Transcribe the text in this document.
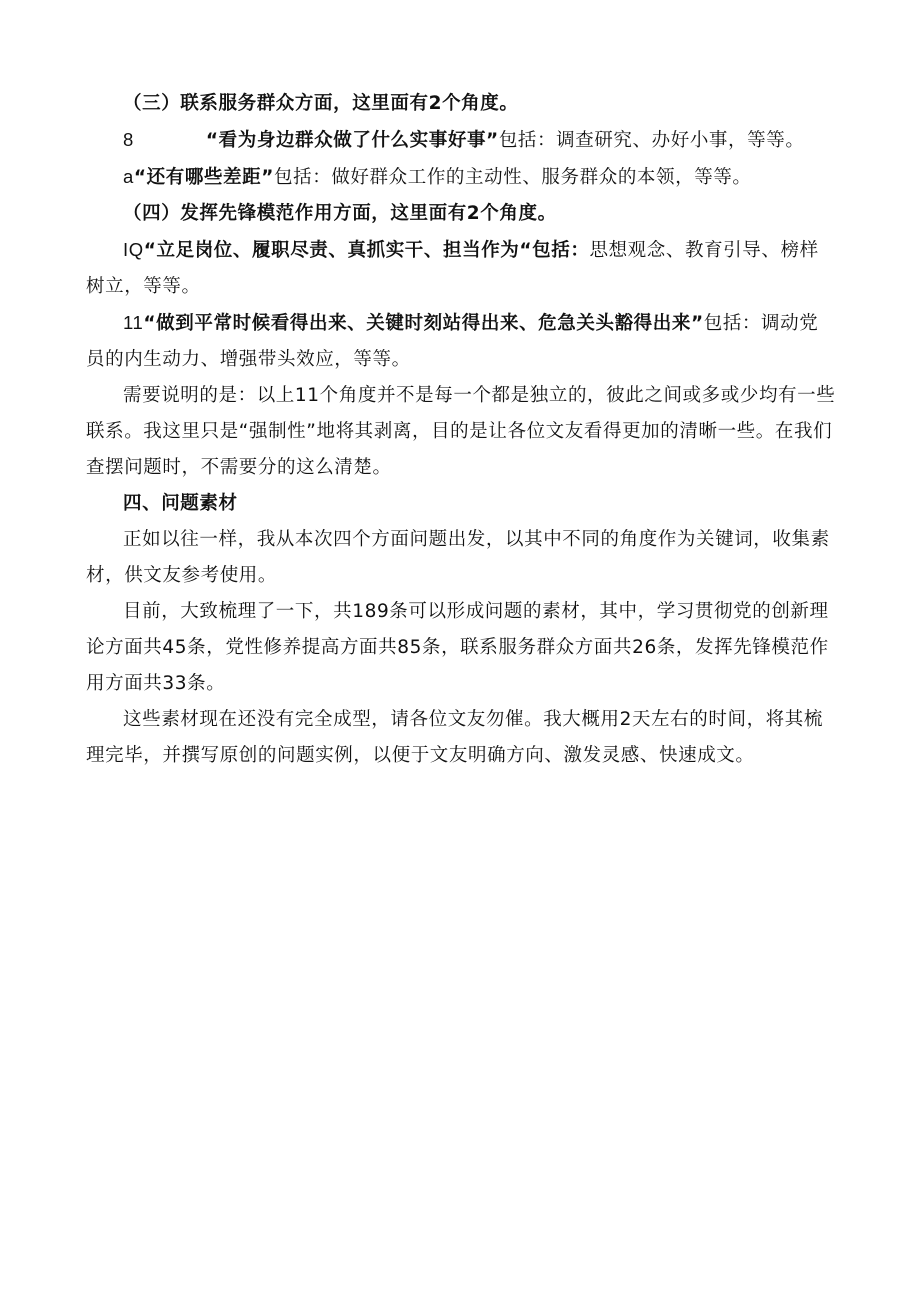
（三）联系服务群众方面，这里面有2个角度。

8	“看为身边群众做了什么实事好事”包括：调查研究、办好小事，等等。

a“还有哪些差距”包括：做好群众工作的主动性、服务群众的本领，等等。

（四）发挥先锋模范作用方面，这里面有2个角度。

IQ“立足岗位、履职尽责、真抓实干、担当作为“包括：思想观念、教育引导、榜样树立，等等。

11“做到平常时候看得出来、关键时刻站得出来、危急关头豁得出来”包括：调动党员的内生动力、增强带头效应，等等。

需要说明的是：以上11个角度并不是每一个都是独立的，彼此之间或多或少均有一些联系。我这里只是“强制性”地将其剥离，目的是让各位文友看得更加的清晰一些。在我们查摆问题时，不需要分的这么清楚。

四、问题素材

正如以往一样，我从本次四个方面问题出发，以其中不同的角度作为关键词，收集素材，供文友参考使用。

目前，大致梳理了一下，共189条可以形成问题的素材，其中，学习贯彻党的创新理论方面共45条，党性修养提高方面共85条，联系服务群众方面共26条，发挥先锋模范作用方面共33条。

这些素材现在还没有完全成型，请各位文友勿催。我大概用2天左右的时间，将其梳理完毕，并撰写原创的问题实例，以便于文友明确方向、激发灵感、快速成文。
